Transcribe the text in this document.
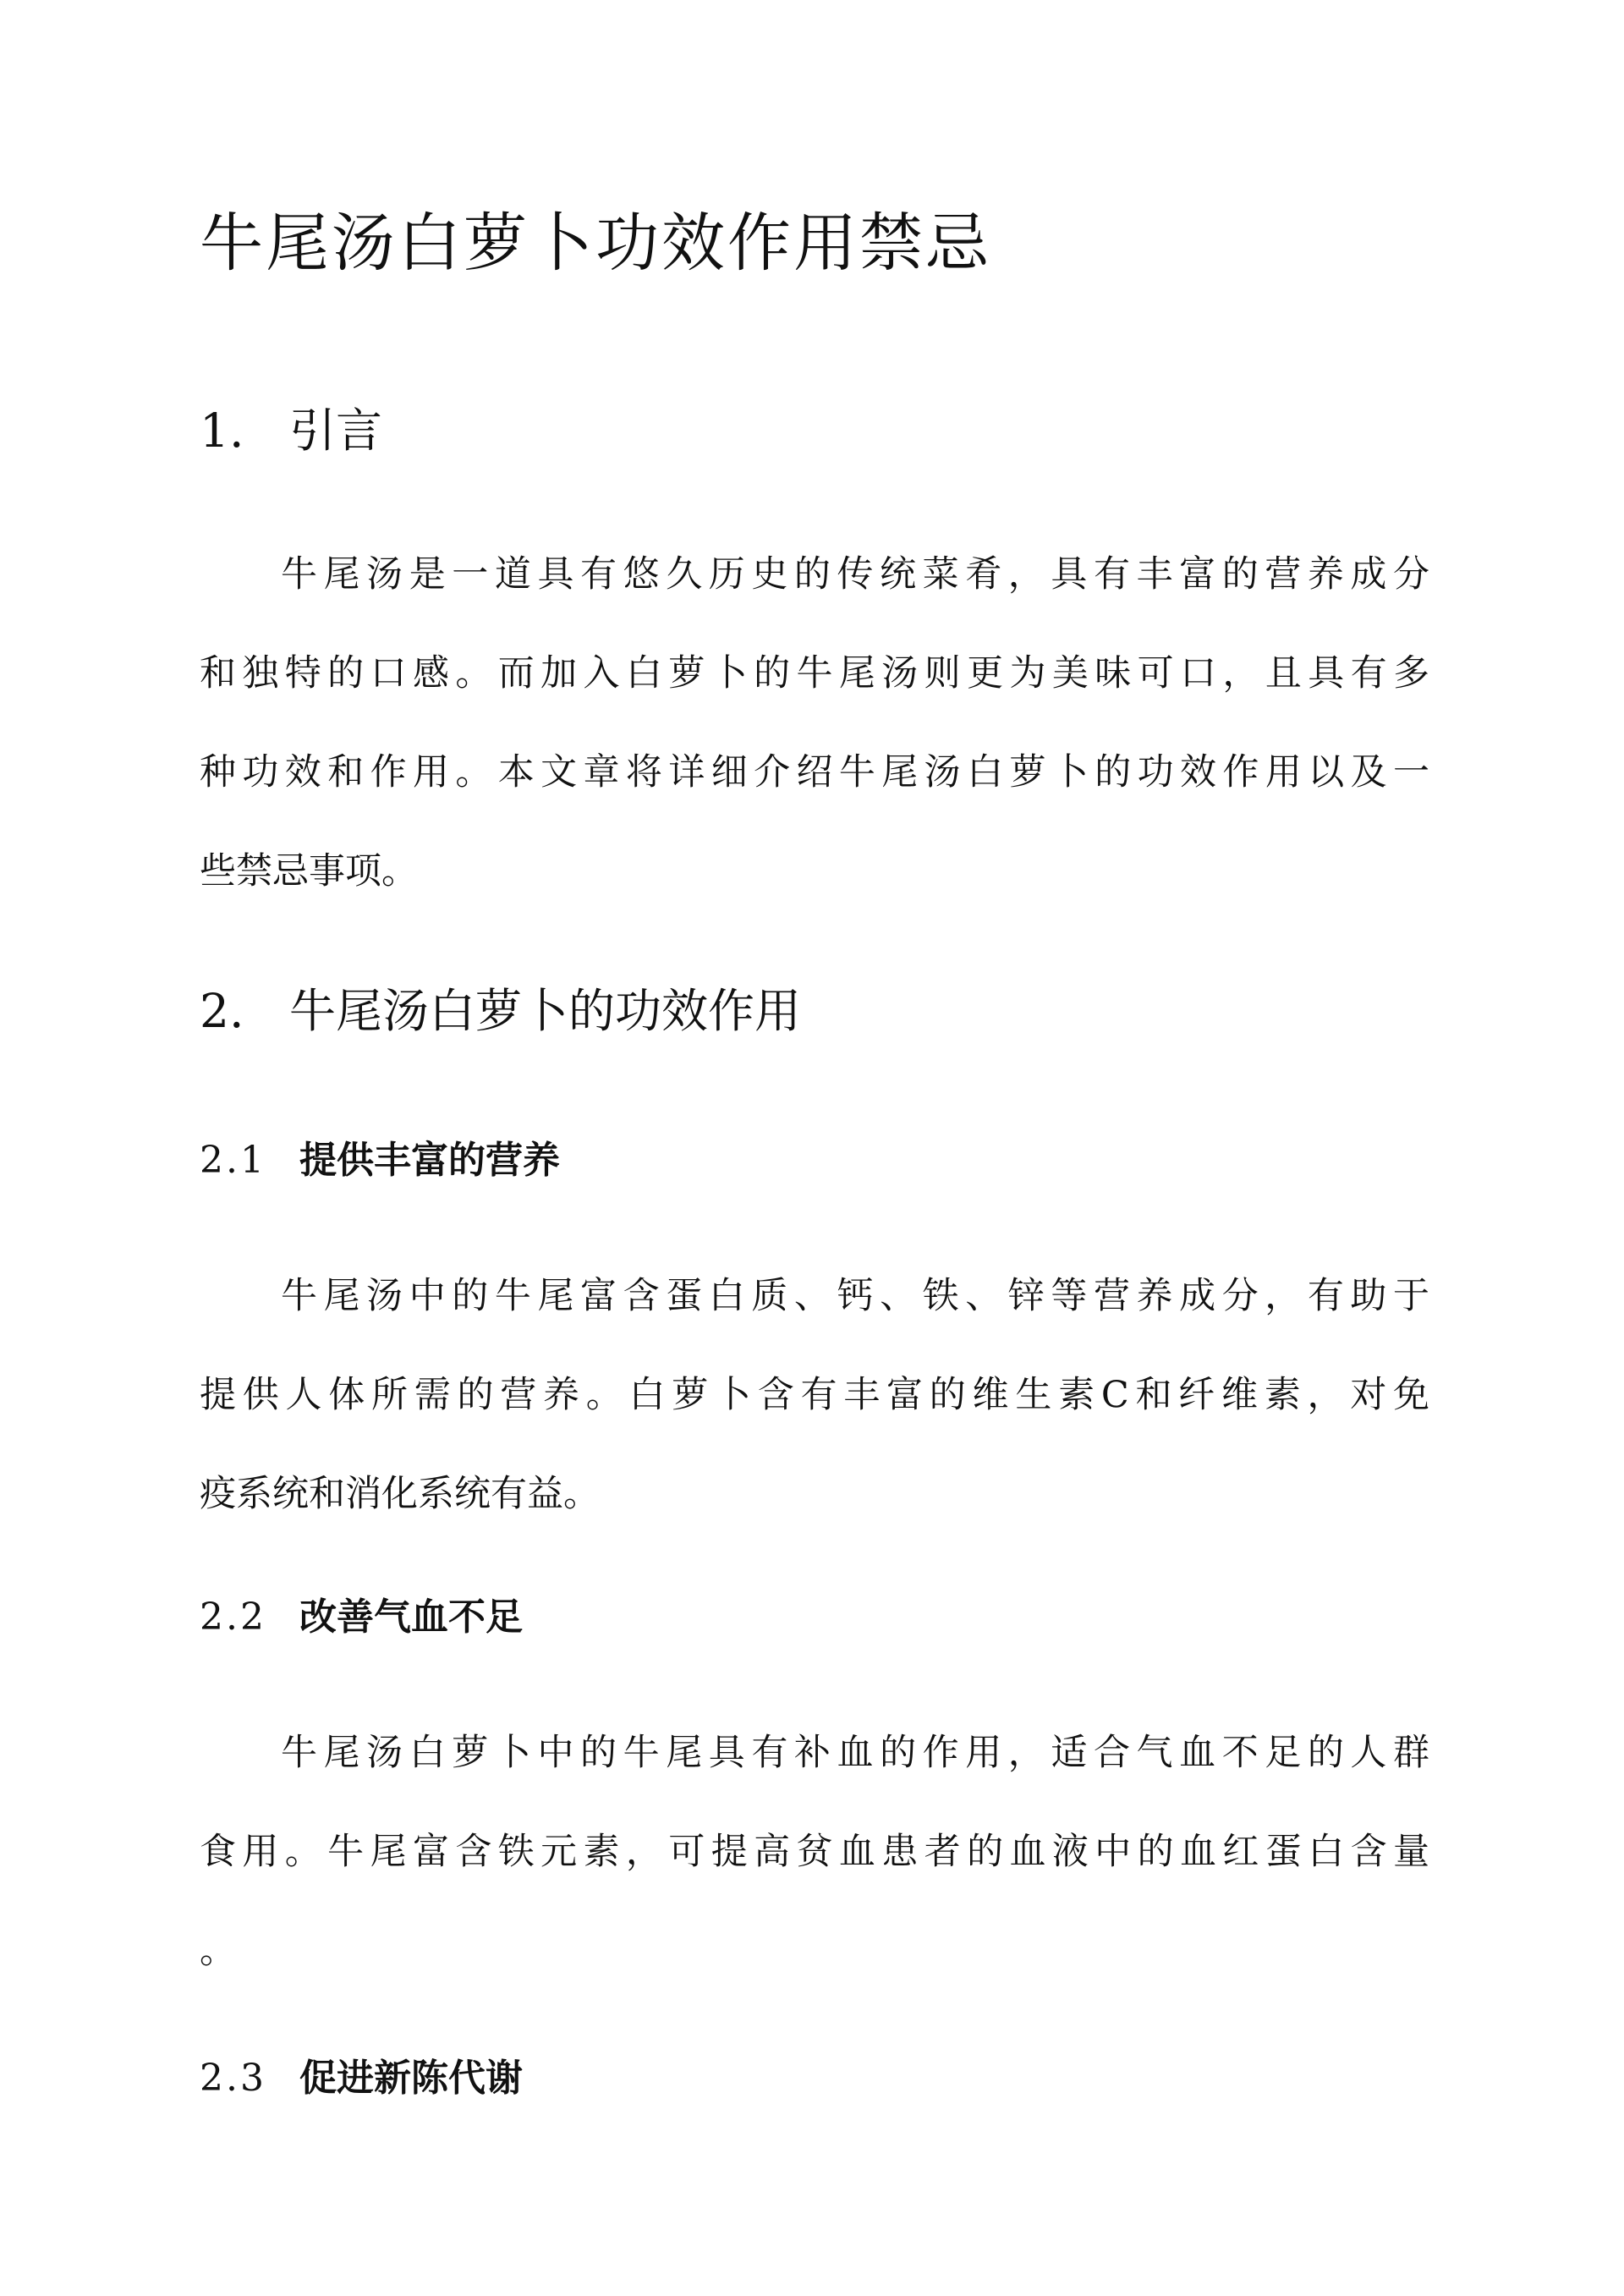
牛尾汤白萝卜功效作用禁忌
1. 引言
牛尾汤是一道具有悠久历史的传统菜肴，具有丰富的营养成分
和独特的口感。而加入白萝卜的牛尾汤则更为美味可口，且具有多
种功效和作用。本文章将详细介绍牛尾汤白萝卜的功效作用以及一
些禁忌事项。
2. 牛尾汤白萝卜的功效作用
2.1 提供丰富的营养
牛尾汤中的牛尾富含蛋白质、钙、铁、锌等营养成分，有助于
提供人体所需的营养。白萝卜含有丰富的维生素C和纤维素，对免
疫系统和消化系统有益。
2.2 改善气血不足
牛尾汤白萝卜中的牛尾具有补血的作用，适合气血不足的人群
食用。牛尾富含铁元素，可提高贫血患者的血液中的血红蛋白含量
。
2.3 促进新陈代谢
